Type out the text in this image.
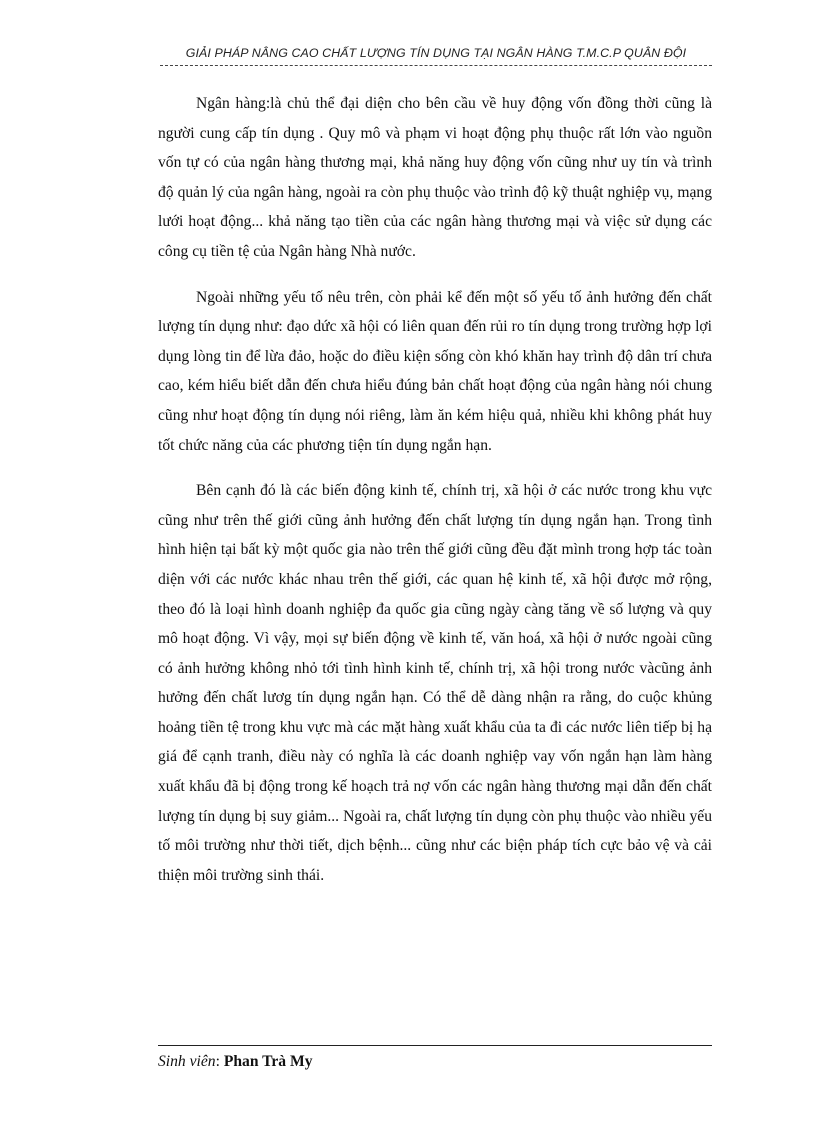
GIẢI PHÁP NÂNG CAO CHẤT LƯỢNG TÍN DỤNG TẠI NGÂN HÀNG T.M.C.P QUÂN ĐỘI

Ngân hàng:là chủ thể đại diện cho bên cầu về huy động vốn đồng thời cũng là người cung cấp tín dụng . Quy mô và phạm vi hoạt động phụ thuộc rất lớn vào nguồn vốn tự có của ngân hàng thương mại, khả năng huy động vốn cũng như uy tín và trình độ quản lý của ngân hàng, ngoài ra còn phụ thuộc vào trình độ kỹ thuật nghiệp vụ, mạng lưới hoạt động... khả năng tạo tiền của các ngân hàng thương mại và việc sử dụng các công cụ tiền tệ của Ngân hàng Nhà nước.

Ngoài những yếu tố nêu trên, còn phải kể đến một số yếu tố ảnh hưởng đến chất lượng tín dụng như: đạo dức xã hội có liên quan đến rủi ro tín dụng trong trường hợp lợi dụng lòng tin để lừa đảo, hoặc do điều kiện sống còn khó khăn hay trình độ dân trí chưa cao, kém hiểu biết dẫn đến chưa hiểu đúng bản chất hoạt động của ngân hàng nói chung cũng như hoạt động tín dụng nói riêng, làm ăn kém hiệu quả, nhiều khi không phát huy tốt chức năng của các phương tiện tín dụng ngắn hạn.

Bên cạnh đó là các biến động kinh tế, chính trị, xã hội ở các nước trong khu vực cũng như trên thế giới cũng ảnh hưởng đến chất lượng tín dụng ngắn hạn. Trong tình hình hiện tại bất kỳ một quốc gia nào trên thế giới cũng đều đặt mình trong hợp tác toàn diện với các nước khác nhau trên thế giới, các quan hệ kinh tế, xã hội được mở rộng, theo đó là loại hình doanh nghiệp đa quốc gia cũng ngày càng tăng về số lượng và quy mô hoạt động. Vì vậy, mọi sự biến động về kinh tế, văn hoá, xã hội ở nước ngoài cũng có ảnh hưởng không nhỏ tới tình hình kinh tế, chính trị, xã hội trong nước vàcũng ảnh hưởng đến chất lươg tín dụng ngắn hạn. Có thể dễ dàng nhận ra rằng, do cuộc khủng hoảng tiền tệ trong khu vực mà các mặt hàng xuất khẩu của ta đi các nước liên tiếp bị hạ giá để cạnh tranh, điều này có nghĩa là các doanh nghiệp vay vốn ngắn hạn làm hàng xuất khẩu đã bị động trong kế hoạch trả nợ vốn các ngân hàng thương mại dẫn đến chất lượng tín dụng bị suy giảm... Ngoài ra, chất lượng tín dụng còn phụ thuộc vào nhiều yếu tố môi trường như thời tiết, dịch bệnh... cũng như các biện pháp tích cực bảo vệ và cải thiện môi trường sinh thái.

Sinh viên: Phan Trà My
